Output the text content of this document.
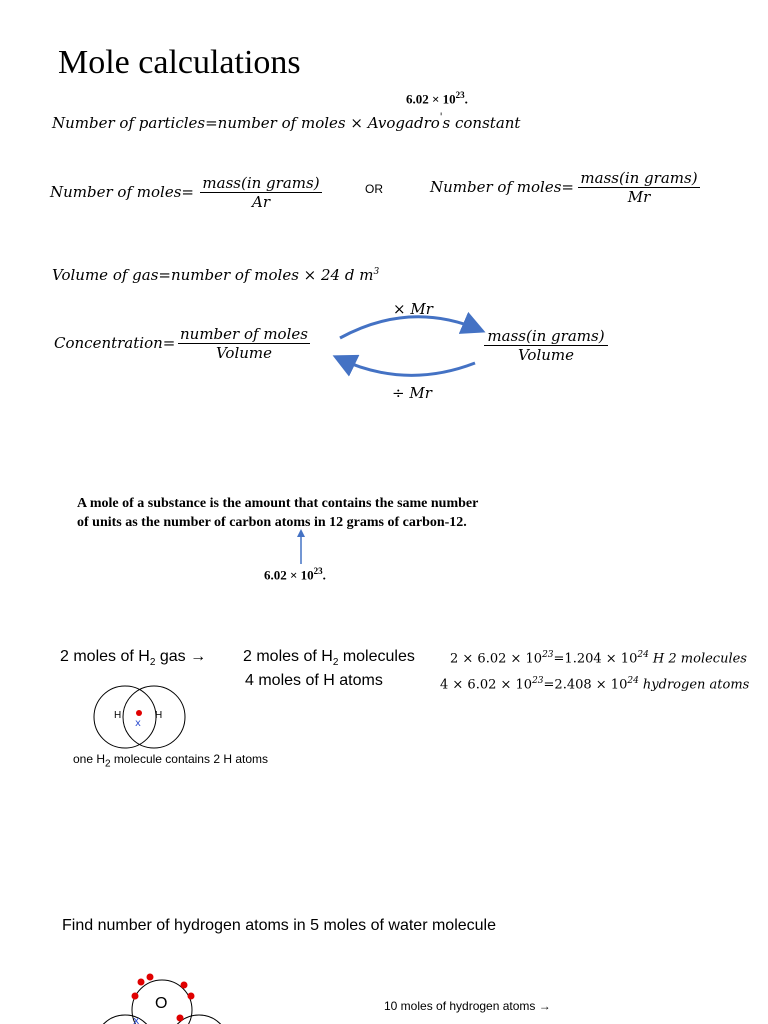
Mole calculations
$6.02 \times 10^{23}$.
Number of particles=number of moles × Avogadro's constant
Number of moles= mass(in grams)
Ar
OR	Number of moles= mass(in grams)
Mr
Volume of gas=number of moles × 24 d $m^3$
Concentration= number of moles
Volume
mass(in grams)
Volume
× Mr
÷ Mr
x
x
A mole of a substance is the amount that contains the same number
of units as the number of carbon atoms in 12 grams of carbon-12.
$6.02 \times 10^{23}$.
2 moles of $H_2$ gas → 2 moles of $H_2$ molecules
4 moles of H atoms
$2 \times 6.02 \times 10^{23}=1.204 \times 10^{24}$ H 2 molecules
$4 \times 6.02 \times 10^{23}=2.408 \times 10^{24}$ hydrogen atoms
H	H
one $H_2$ molecule contains 2 H atoms
Find number of hydrogen atoms in 5 moles of water molecule
O	10 moles of hydrogen atoms →
